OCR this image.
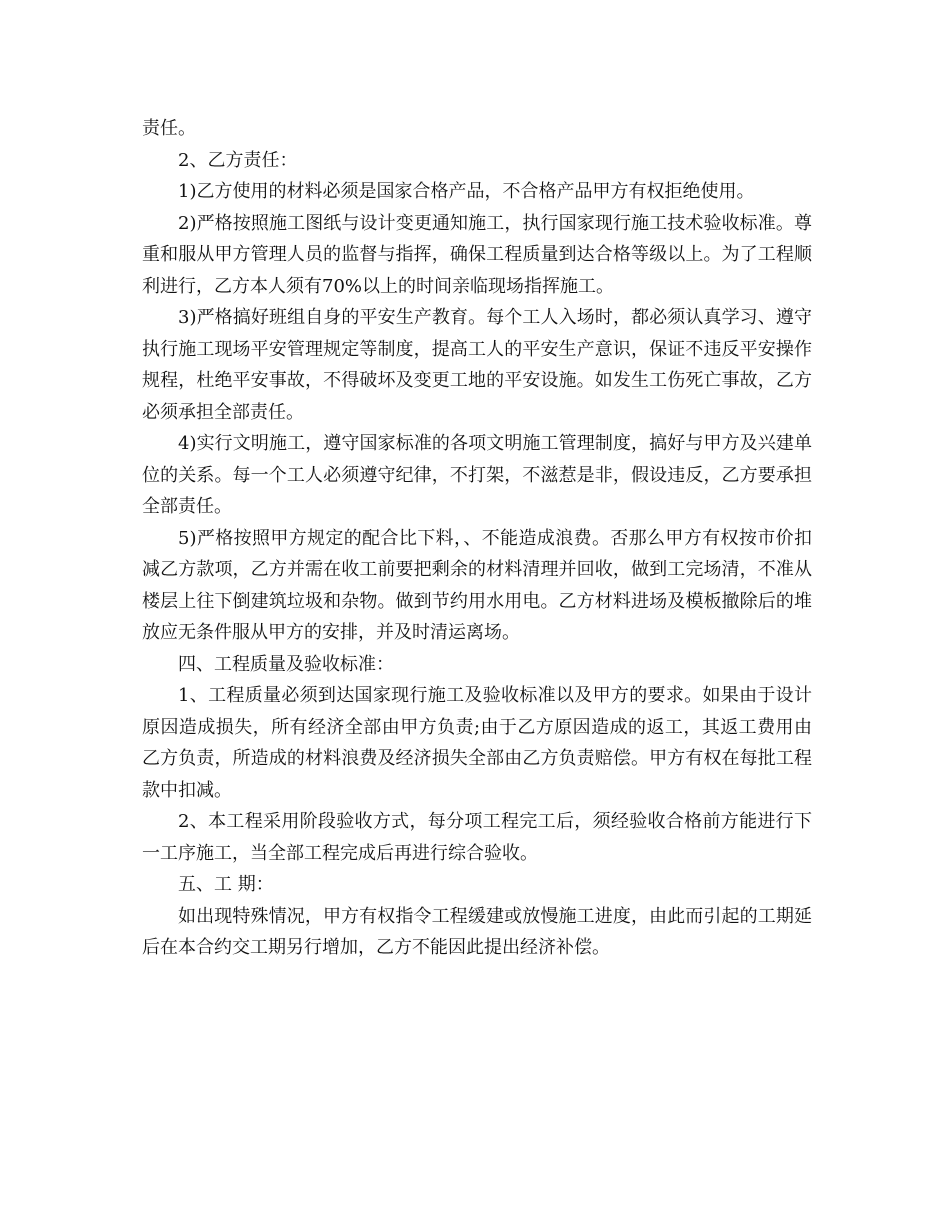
责任。

2、乙方责任：

1)乙方使用的材料必须是国家合格产品，不合格产品甲方有权拒绝使用。

2)严格按照施工图纸与设计变更通知施工，执行国家现行施工技术验收标准。尊重和服从甲方管理人员的监督与指挥，确保工程质量到达合格等级以上。为了工程顺利进行，乙方本人须有70%以上的时间亲临现场指挥施工。

3)严格搞好班组自身的平安生产教育。每个工人入场时，都必须认真学习、遵守执行施工现场平安管理规定等制度，提高工人的平安生产意识，保证不违反平安操作规程，杜绝平安事故，不得破坏及变更工地的平安设施。如发生工伤死亡事故，乙方必须承担全部责任。

4)实行文明施工，遵守国家标准的各项文明施工管理制度，搞好与甲方及兴建单位的关系。每一个工人必须遵守纪律，不打架，不滋惹是非，假设违反，乙方要承担全部责任。

5)严格按照甲方规定的配合比下料，、不能造成浪费。否那么甲方有权按市价扣减乙方款项，乙方并需在收工前要把剩余的材料清理并回收，做到工完场清，不准从楼层上往下倒建筑垃圾和杂物。做到节约用水用电。乙方材料进场及模板撤除后的堆放应无条件服从甲方的安排，并及时清运离场。

四、工程质量及验收标准：

1、工程质量必须到达国家现行施工及验收标准以及甲方的要求。如果由于设计原因造成损失，所有经济全部由甲方负责;由于乙方原因造成的返工，其返工费用由乙方负责，所造成的材料浪费及经济损失全部由乙方负责赔偿。甲方有权在每批工程款中扣减。

2、本工程采用阶段验收方式，每分项工程完工后，须经验收合格前方能进行下一工序施工，当全部工程完成后再进行综合验收。

五、工 期：

如出现特殊情况，甲方有权指令工程缓建或放慢施工进度，由此而引起的工期延后在本合约交工期另行增加，乙方不能因此提出经济补偿。
